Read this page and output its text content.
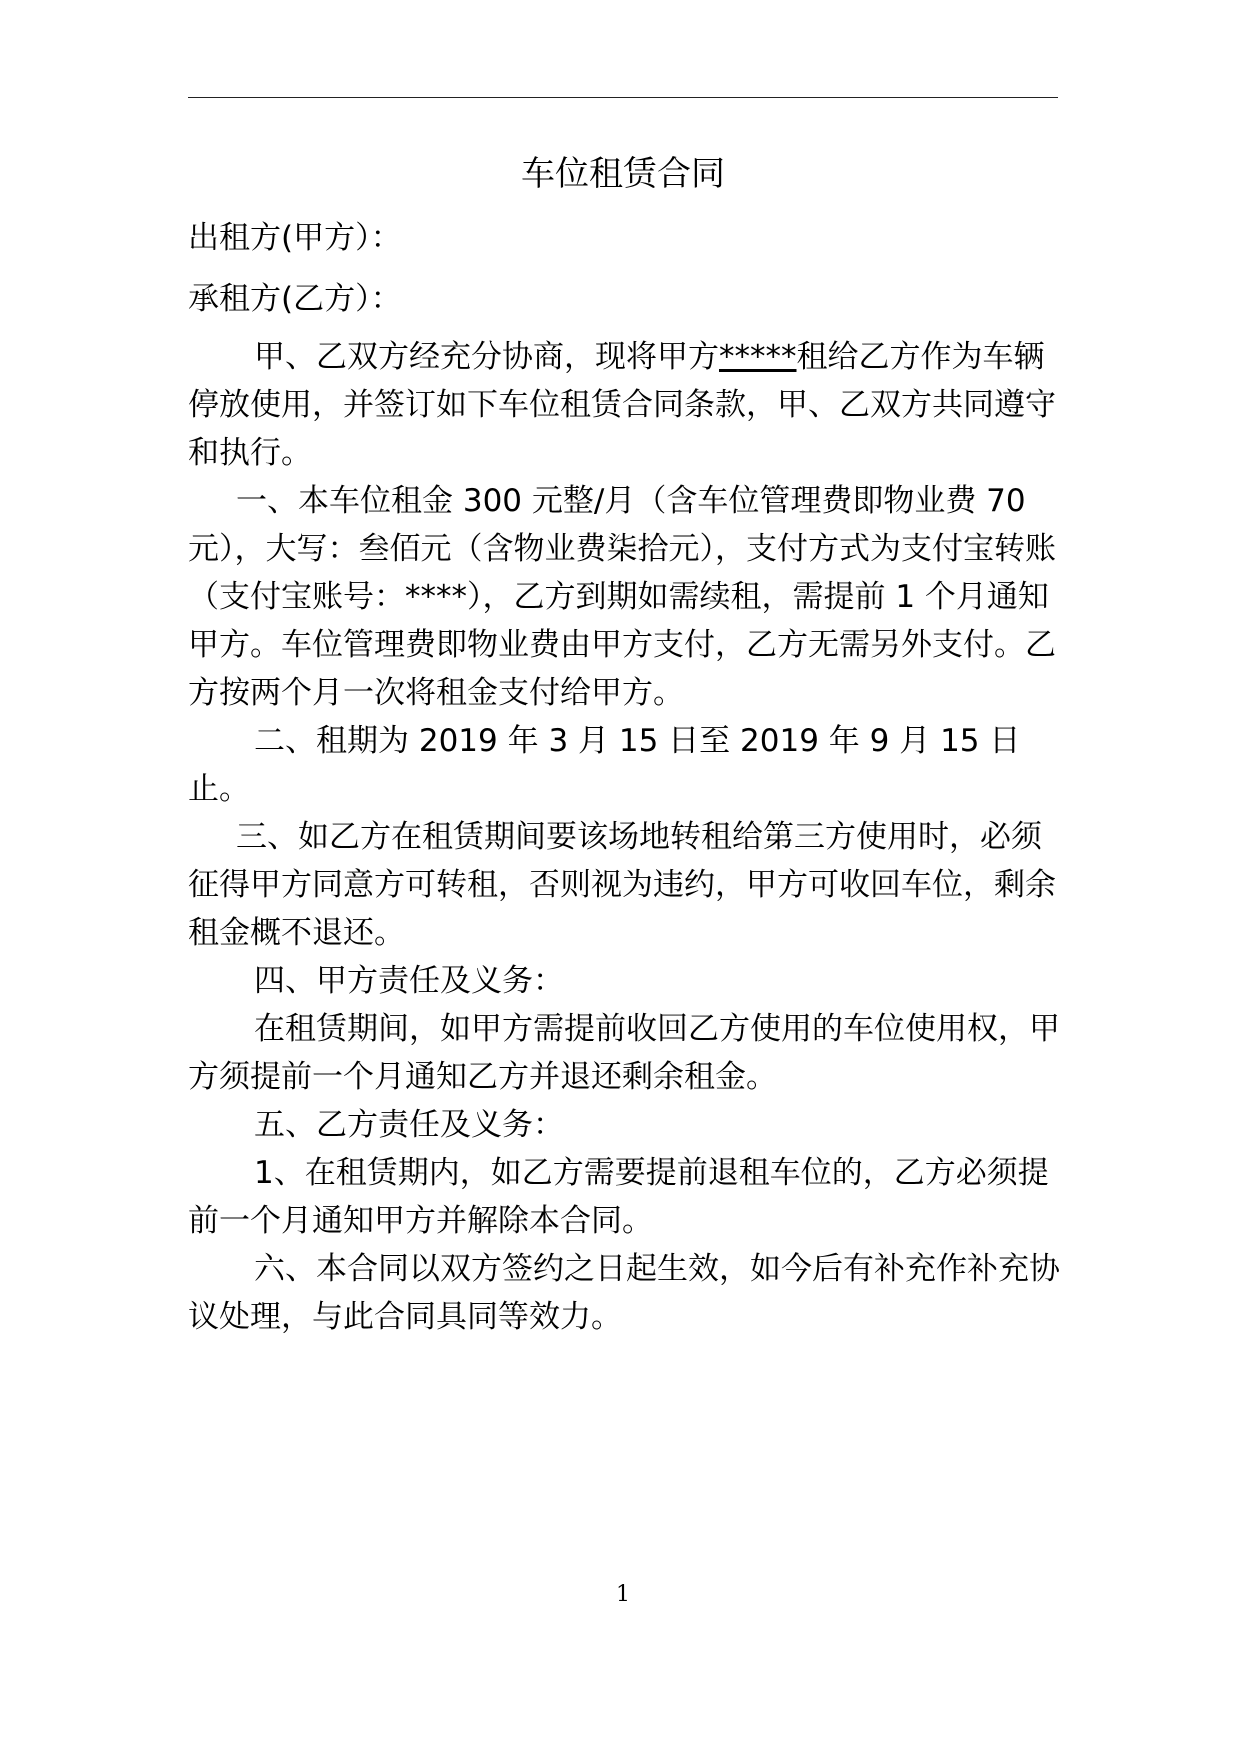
车位租赁合同

出租方(甲方）：

承租方(乙方）：

甲、乙双方经充分协商，现将甲方*****租给乙方作为车辆停放使用，并签订如下车位租赁合同条款，甲、乙双方共同遵守和执行。

一、本车位租金 300 元整/月（含车位管理费即物业费 70 元），大写：叁佰元（含物业费柒拾元），支付方式为支付宝转账（支付宝账号：****），乙方到期如需续租，需提前 1 个月通知甲方。车位管理费即物业费由甲方支付，乙方无需另外支付。乙方按两个月一次将租金支付给甲方。

二、租期为 2019 年 3 月 15 日至 2019 年 9 月 15 日止。

三、如乙方在租赁期间要该场地转租给第三方使用时，必须征得甲方同意方可转租，否则视为违约，甲方可收回车位，剩余租金概不退还。

四、甲方责任及义务：

在租赁期间，如甲方需提前收回乙方使用的车位使用权，甲方须提前一个月通知乙方并退还剩余租金。

五、乙方责任及义务：

1、在租赁期内，如乙方需要提前退租车位的，乙方必须提前一个月通知甲方并解除本合同。

六、本合同以双方签约之日起生效，如今后有补充作补充协议处理，与此合同具同等效力。

1
